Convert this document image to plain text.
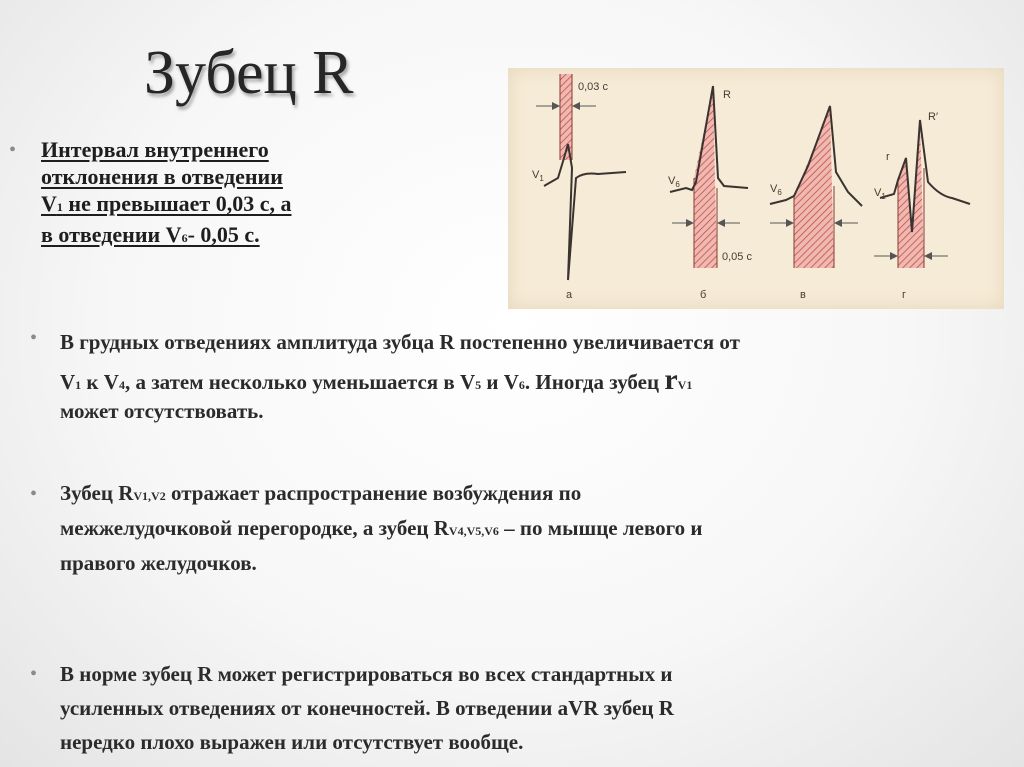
Зубец R
• Интервал внутреннего
отклонения в отведении
V1 не превышает 0,03 с, а
в отведении V6- 0,05 с.
0,03 с
$V_1$
а
R
$V_6$
0,05 с
б
$V_6$
в
R′
r
$V_1$
г
• В грудных отведениях амплитуда зубца R постепенно увеличивается от
V1 к V4, а затем несколько уменьшается в V5 и V6. Иногда зубец rV1
может отсутствовать.
• Зубец RV1,V2 отражает распространение возбуждения по
межжелудочковой перегородке, а зубец RV4,V5,V6 – по мышце левого и
правого желудочков.
• В норме зубец R может регистрироваться во всех стандартных и
усиленных отведениях от конечностей. В отведении aVR зубец R
нередко плохо выражен или отсутствует вообще.
